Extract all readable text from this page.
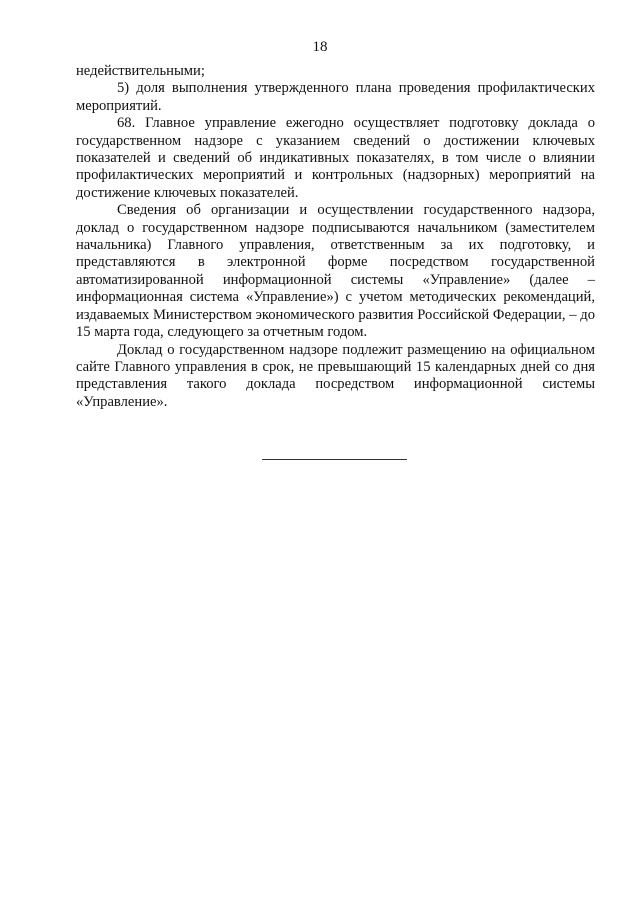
18

недействительными;

5) доля выполнения утвержденного плана проведения профилактических мероприятий.

68. Главное управление ежегодно осуществляет подготовку доклада о государственном надзоре с указанием сведений о достижении ключевых показателей и сведений об индикативных показателях, в том числе о влиянии профилактических мероприятий и контрольных (надзорных) мероприятий на достижение ключевых показателей.

Сведения об организации и осуществлении государственного надзора, доклад о государственном надзоре подписываются начальником (заместителем начальника) Главного управления, ответственным за их подготовку, и представляются в электронной форме посредством государственной автоматизированной информационной системы «Управление» (далее – информационная система «Управление») с учетом методических рекомендаций, издаваемых Министерством экономического развития Российской Федерации, – до 15 марта года, следующего за отчетным годом.

Доклад о государственном надзоре подлежит размещению на официальном сайте Главного управления в срок, не превышающий 15 календарных дней со дня представления такого доклада посредством информационной системы «Управление».
